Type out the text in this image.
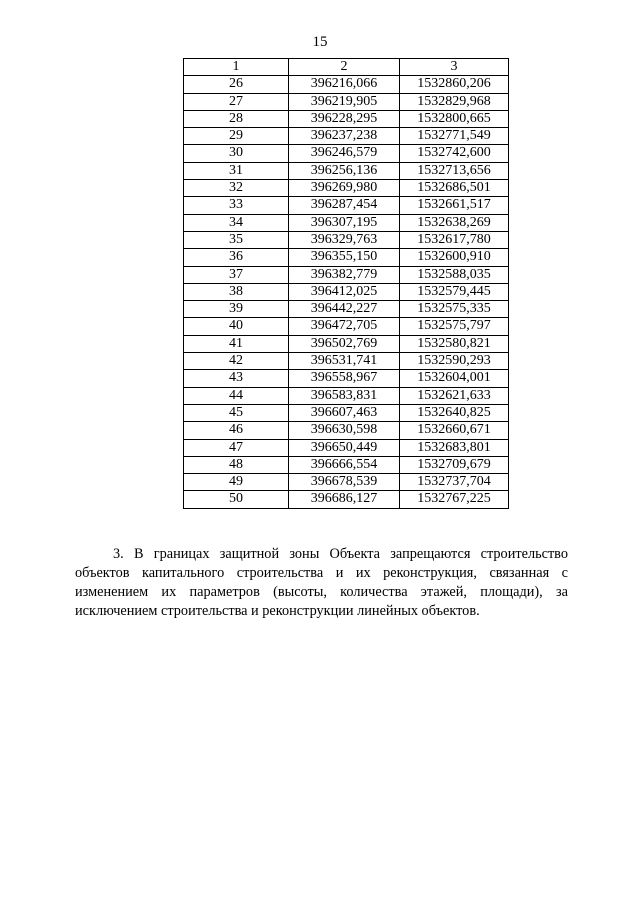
15
1	2	3
26	396216,066	1532860,206
27	396219,905	1532829,968
28	396228,295	1532800,665
29	396237,238	1532771,549
30	396246,579	1532742,600
31	396256,136	1532713,656
32	396269,980	1532686,501
33	396287,454	1532661,517
34	396307,195	1532638,269
35	396329,763	1532617,780
36	396355,150	1532600,910
37	396382,779	1532588,035
38	396412,025	1532579,445
39	396442,227	1532575,335
40	396472,705	1532575,797
41	396502,769	1532580,821
42	396531,741	1532590,293
43	396558,967	1532604,001
44	396583,831	1532621,633
45	396607,463	1532640,825
46	396630,598	1532660,671
47	396650,449	1532683,801
48	396666,554	1532709,679
49	396678,539	1532737,704
50	396686,127	1532767,225
3. В границах защитной зоны Объекта запрещаются строительство объектов капитального строительства и их реконструкция, связанная с изменением их параметров (высоты, количества этажей, площади), за исключением строительства и реконструкции линейных объектов.
